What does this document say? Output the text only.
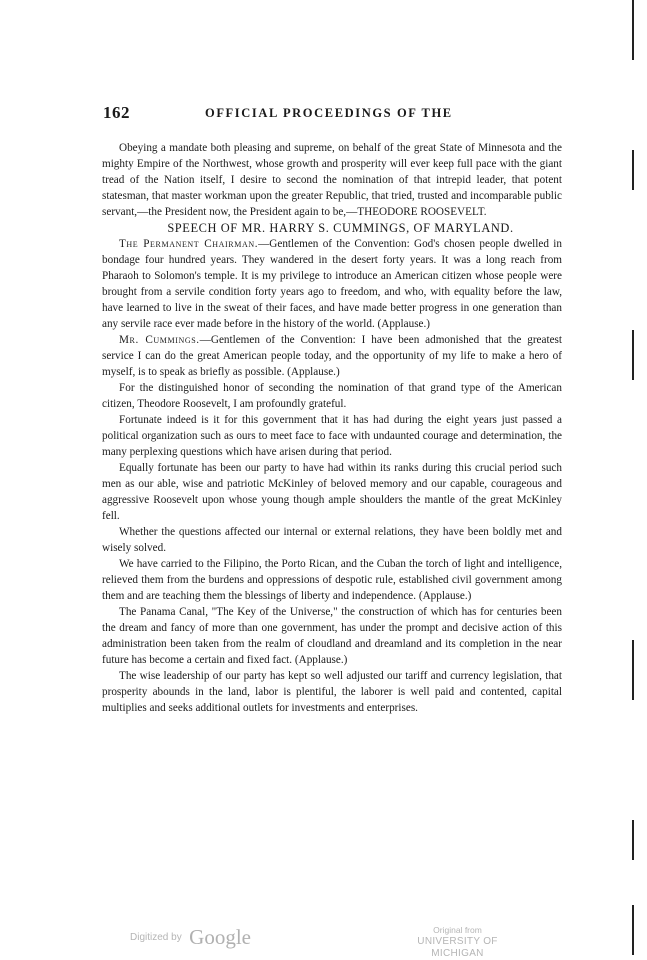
162	OFFICIAL PROCEEDINGS OF THE

Obeying a mandate both pleasing and supreme, on behalf of the great State of Minnesota and the mighty Empire of the Northwest, whose growth and prosperity will ever keep full pace with the giant tread of the Nation itself, I desire to second the nomination of that intrepid leader, that potent statesman, that master workman upon the greater Republic, that tried, trusted and incomparable public servant,—the President now, the President again to be,—THEODORE ROOSEVELT.

SPEECH OF MR. HARRY S. CUMMINGS, OF MARYLAND.

The Permanent Chairman.—Gentlemen of the Convention: God's chosen people dwelled in bondage four hundred years. They wandered in the desert forty years. It was a long reach from Pharaoh to Solomon's temple. It is my privilege to introduce an American citizen whose people were brought from a servile condition forty years ago to freedom, and who, with equality before the law, have learned to live in the sweat of their faces, and have made better progress in one generation than any servile race ever made before in the history of the world. (Applause.)

Mr. Cummings.—Gentlemen of the Convention: I have been admonished that the greatest service I can do the great American people today, and the opportunity of my life to make a hero of myself, is to speak as briefly as possible. (Applause.)

For the distinguished honor of seconding the nomination of that grand type of the American citizen, Theodore Roosevelt, I am profoundly grateful.

Fortunate indeed is it for this government that it has had during the eight years just passed a political organization such as ours to meet face to face with undaunted courage and determination, the many perplexing questions which have arisen during that period.

Equally fortunate has been our party to have had within its ranks during this crucial period such men as our able, wise and patriotic McKinley of beloved memory and our capable, courageous and aggressive Roosevelt upon whose young though ample shoulders the mantle of the great McKinley fell.

Whether the questions affected our internal or external relations, they have been boldly met and wisely solved.

We have carried to the Filipino, the Porto Rican, and the Cuban the torch of light and intelligence, relieved them from the burdens and oppressions of despotic rule, established civil government among them and are teaching them the blessings of liberty and independence. (Applause.)

The Panama Canal, "The Key of the Universe," the construction of which has for centuries been the dream and fancy of more than one government, has under the prompt and decisive action of this administration been taken from the realm of cloudland and dreamland and its completion in the near future has become a certain and fixed fact. (Applause.)

The wise leadership of our party has kept so well adjusted our tariff and currency legislation, that prosperity abounds in the land, labor is plentiful, the laborer is well paid and contented, capital multiplies and seeks additional outlets for investments and enterprises.

Digitized by Google	Original from
UNIVERSITY OF MICHIGAN
